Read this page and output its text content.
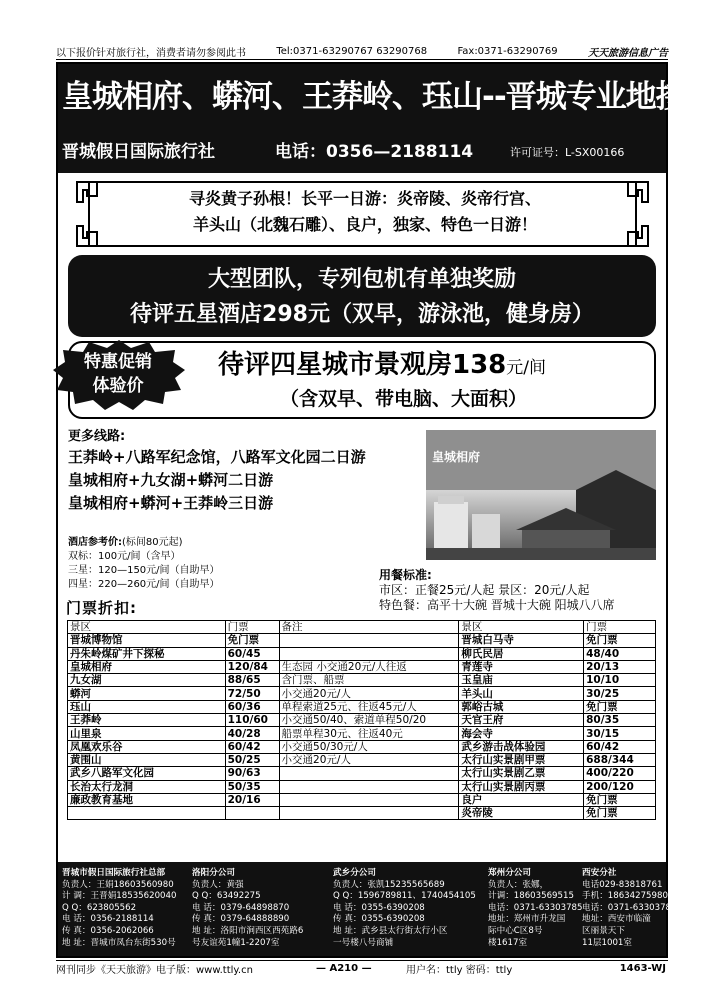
以下报价针对旅行社，消费者请勿参阅此书	Tel:0371-63290767 63290768	Fax:0371-63290769	天天旅游信息广告
皇城相府、蟒河、王莽岭、珏山--晋城专业地接
晋城假日国际旅行社	电话：0356—2188114	许可证号：L-SX00166
寻炎黄子孙根！长平一日游：炎帝陵、炎帝行宫、
羊头山（北魏石雕）、良户，独家、特色一日游！
大型团队，专列包机有单独奖励
待评五星酒店298元（双早，游泳池，健身房）
特惠促销
体验价
待评四星城市景观房138元/间
（含双早、带电脑、大面积）
更多线路:
王莽岭+八路军纪念馆，八路军文化园二日游
皇城相府+九女湖+蟒河二日游
皇城相府+蟒河+王莽岭三日游
皇城相府
酒店参考价:(标间80元起)
双标：100元/间（含早）
三星：120—150元/间（自助早）
四星：220—260元/间（自助早）
用餐标准:
市区：正餐25元/人起 景区：20元/人起
特色餐：高平十大碗 晋城十大碗 阳城八八席
门票折扣:
景区	门票	备注	景区	门票
晋城博物馆	免门票		晋城白马寺	免门票
丹朱岭煤矿井下探秘	60/45		柳氏民居	48/40
皇城相府	120/84	生态园 小交通20元/人往返	青莲寺	20/13
九女湖	88/65	含门票、船票	玉皇庙	10/10
蟒河	72/50	小交通20元/人	羊头山	30/25
珏山	60/36	单程索道25元、往返45元/人	郭峪古城	免门票
王莽岭	110/60	小交通50/40、索道单程50/20	天官王府	80/35
山里泉	40/28	船票单程30元、往返40元	海会寺	30/15
凤凰欢乐谷	60/42	小交通50/30元/人	武乡游击战体验园	60/42
黄围山	50/25	小交通20元/人	太行山实景剧甲票	688/344
武乡八路军文化园	90/63		太行山实景剧乙票	400/220
长治太行龙洞	50/35		太行山实景剧丙票	200/120
廉政教育基地	20/16		良户	免门票
			炎帝陵	免门票
晋城市假日国际旅行社总部
负责人：王娟18603560980
计 调：王晋娟18535620040
Q Q：623805562
电 话：0356-2188114
传 真：0356-2062066
地 址：晋城市凤台东街530号
洛阳分公司
负责人：黄强
Q Q：63492275
电 话：0379-64898870
传 真：0379-64888890
地 址：洛阳市涧西区西苑路6
号友谊苑1幢1-2207室
武乡分公司
负责人：张凯15235565689
Q Q：1596789811、1740454105
电 话：0355-6390208
传 真：0355-6390208
地 址：武乡县太行街太行小区
一号楼八号商铺
郑州分公司
负责人：张娜，
计调：18603569515
电话：0371-63303785
地址：郑州市升龙国
际中心C区8号
楼1617室
西安分社
电话029-83818761
手机：18634275980
电话：0371-63303785
地址：西安市临潼
区丽景天下
11层1001室
网刊同步《天天旅游》电子版：www.ttly.cn	— A210 —	用户名：ttly 密码：ttly	1463-WJ
